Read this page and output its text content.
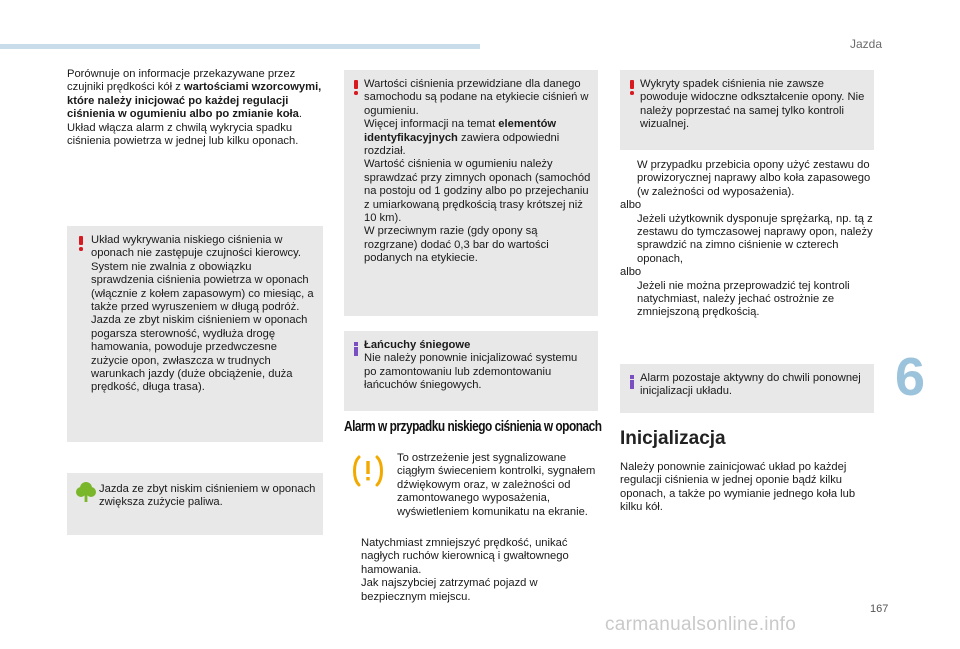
Jazda
6
167
carmanualsonline.info

Porównuje on informacje przekazywane przez czujniki prędkości kół z wartościami wzorcowymi, które należy inicjować po każdej regulacji ciśnienia w ogumieniu albo po zmianie koła.

Układ włącza alarm z chwilą wykrycia spadku ciśnienia powietrza w jednej lub kilku oponach.

Układ wykrywania niskiego ciśnienia w oponach nie zastępuje czujności kierowcy.
System nie zwalnia z obowiązku sprawdzenia ciśnienia powietrza w oponach (włącznie z kołem zapasowym) co miesiąc, a także przed wyruszeniem w długą podróż.
Jazda ze zbyt niskim ciśnieniem w oponach pogarsza sterowność, wydłuża drogę hamowania, powoduje przedwczesne zużycie opon, zwłaszcza w trudnych warunkach jazdy (duże obciążenie, duża prędkość, długa trasa).
Jazda ze zbyt niskim ciśnieniem w oponach zwiększa zużycie paliwa.
Wartości ciśnienia przewidziane dla danego samochodu są podane na etykiecie ciśnień w ogumieniu.
Więcej informacji na temat elementów identyfikacyjnych zawiera odpowiedni rozdział.
Wartość ciśnienia w ogumieniu należy sprawdzać przy zimnych oponach (samochód na postoju od 1 godziny albo po przejechaniu z umiarkowaną prędkością trasy krótszej niż 10 km).
W przeciwnym razie (gdy opony są rozgrzane) dodać 0,3 bar do wartości podanych na etykiecie.

Łańcuchy śniegowe

Nie należy ponownie inicjalizować systemu po zamontowaniu lub zdemontowaniu łańcuchów śniegowych.

Alarm w przypadku niskiego ciśnienia w oponach
To ostrzeżenie jest sygnalizowane ciągłym świeceniem kontrolki, sygnałem dźwiękowym oraz, w zależności od zamontowanego wyposażenia, wyświetleniem komunikatu na ekranie.
Natychmiast zmniejszyć prędkość, unikać nagłych ruchów kierownicą i gwałtownego hamowania.
Jak najszybciej zatrzymać pojazd w bezpiecznym miejscu.
Wykryty spadek ciśnienia nie zawsze powoduje widoczne odkształcenie opony. Nie należy poprzestać na samej tylko kontroli wizualnej.
W przypadku przebicia opony użyć zestawu do prowizorycznej naprawy albo koła zapasowego (w zależności od wyposażenia).
albo
Jeżeli użytkownik dysponuje sprężarką, np. tą z zestawu do tymczasowej naprawy opon, należy sprawdzić na zimno ciśnienie w czterech oponach,
albo
Jeżeli nie można przeprowadzić tej kontroli natychmiast, należy jechać ostrożnie ze zmniejszoną prędkością.
Alarm pozostaje aktywny do chwili ponownej inicjalizacji układu.
Inicjalizacja
Należy ponownie zainicjować układ po każdej regulacji ciśnienia w jednej oponie bądź kilku oponach, a także po wymianie jednego koła lub kilku kół.
